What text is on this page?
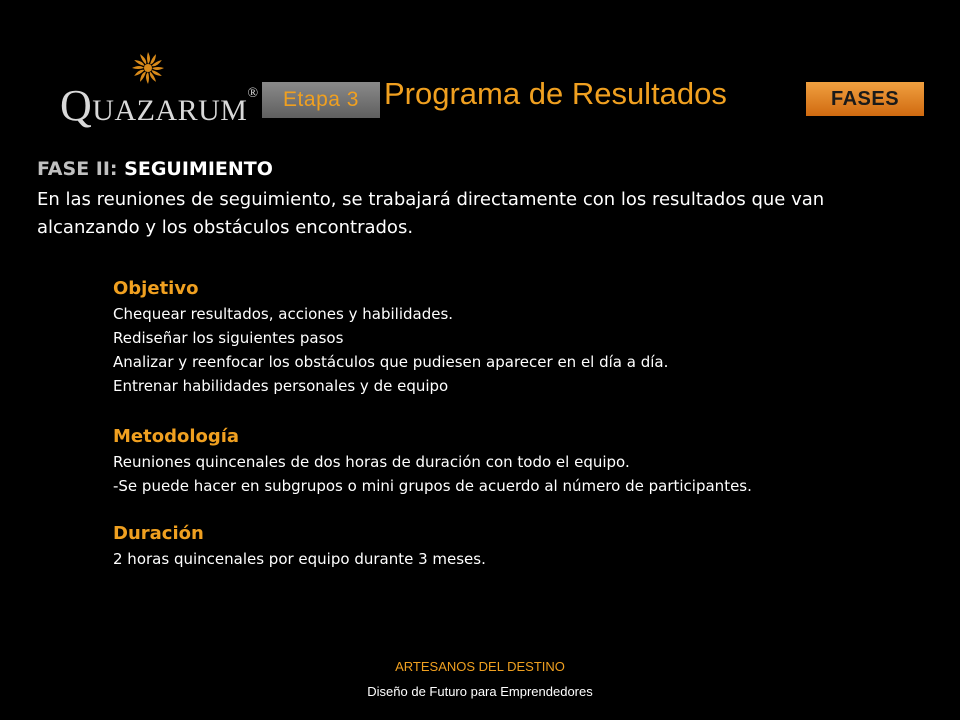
QUAZARUM®	Etapa 3 Programa de Resultados	FASES
FASE II: SEGUIMIENTO
En las reuniones de seguimiento, se trabajará directamente con los resultados que van alcanzando y los obstáculos encontrados.
Objetivo
Chequear resultados, acciones y habilidades.
Rediseñar los siguientes pasos
Analizar y reenfocar los obstáculos que pudiesen aparecer en el día a día.
Entrenar habilidades personales y de equipo
Metodología
Reuniones quincenales de dos horas de duración con todo el equipo.
-Se puede hacer en subgrupos o mini grupos de acuerdo al número de participantes.
Duración
2 horas quincenales por equipo durante 3 meses.
ARTESANOS DEL DESTINO
Diseño de Futuro para Emprendedores
